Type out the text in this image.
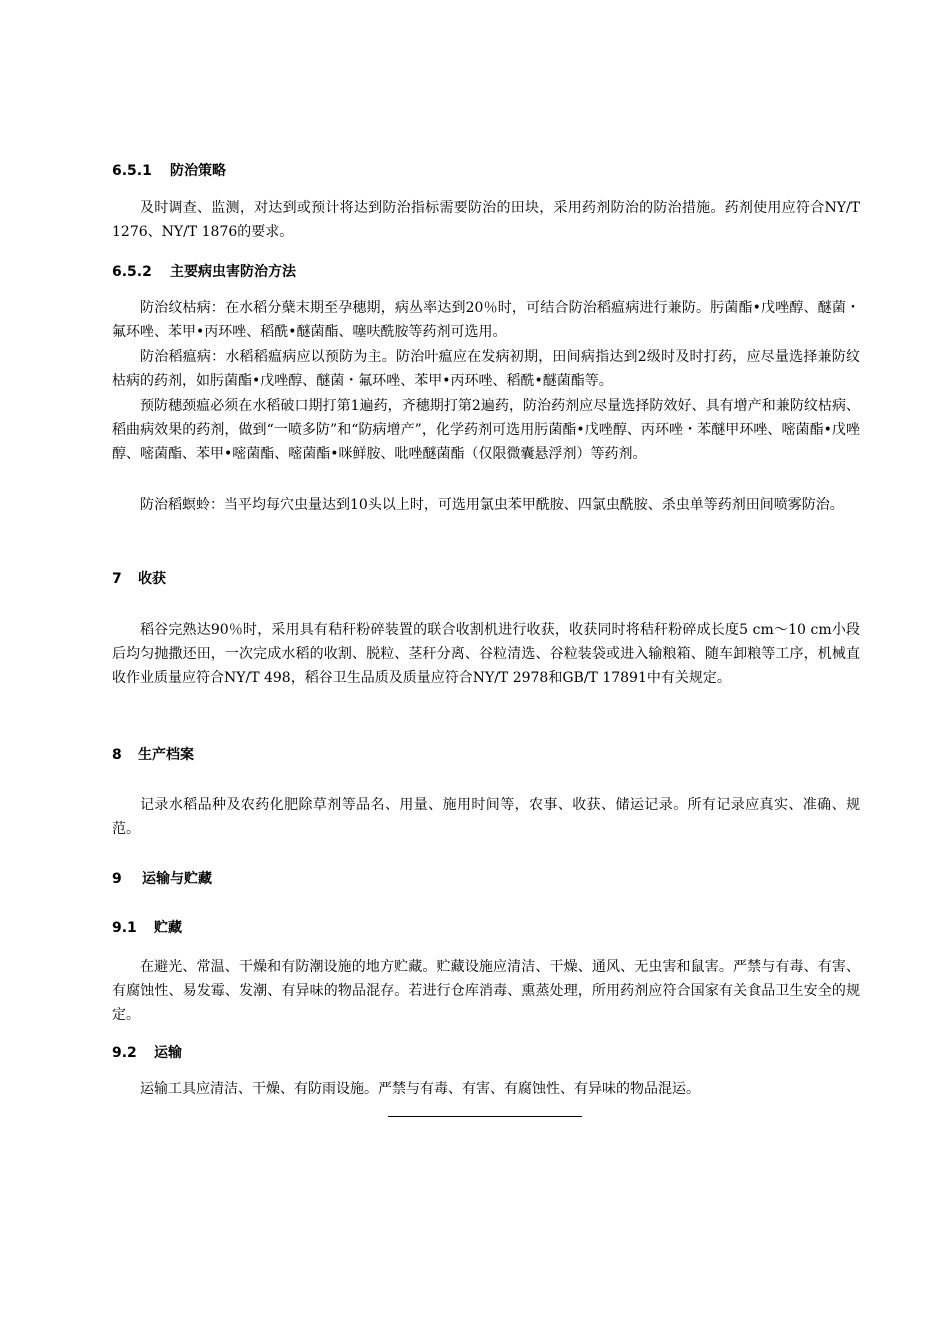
6.5.1 防治策略

及时调查、监测，对达到或预计将达到防治指标需要防治的田块，采用药剂防治的防治措施。药剂使用应符合NY/T 1276、NY/T 1876的要求。

6.5.2 主要病虫害防治方法

防治纹枯病：在水稻分蘖末期至孕穗期，病丛率达到20％时，可结合防治稻瘟病进行兼防。肟菌酯•戊唑醇、醚菌・氟环唑、苯甲•丙环唑、稻酰•醚菌酯、噻呋酰胺等药剂可选用。

防治稻瘟病：水稻稻瘟病应以预防为主。防治叶瘟应在发病初期，田间病指达到2级时及时打药，应尽量选择兼防纹枯病的药剂，如肟菌酯•戊唑醇、醚菌・氟环唑、苯甲•丙环唑、稻酰•醚菌酯等。

预防穗颈瘟必须在水稻破口期打第1遍药，齐穗期打第2遍药，防治药剂应尽量选择防效好、具有增产和兼防纹枯病、稻曲病效果的药剂，做到“一喷多防”和“防病增产”，化学药剂可选用肟菌酯•戊唑醇、丙环唑・苯醚甲环唑、嘧菌酯•戊唑醇、嘧菌酯、苯甲•嘧菌酯、嘧菌酯•咪鲜胺、吡唑醚菌酯（仅限微囊悬浮剂）等药剂。

防治稻螟蛉：当平均每穴虫量达到10头以上时，可选用氯虫苯甲酰胺、四氯虫酰胺、杀虫单等药剂田间喷雾防治。

7 收获

稻谷完熟达90％时，采用具有秸秆粉碎装置的联合收割机进行收获，收获同时将秸秆粉碎成长度5 cm～10 cm小段后均匀抛撒还田，一次完成水稻的收割、脱粒、茎秆分离、谷粒清选、谷粒装袋或进入输粮箱、随车卸粮等工序，机械直收作业质量应符合NY/T 498，稻谷卫生品质及质量应符合NY/T 2978和GB/T 17891中有关规定。

8 生产档案

记录水稻品种及农药化肥除草剂等品名、用量、施用时间等，农事、收获、储运记录。所有记录应真实、准确、规范。

9 运输与贮藏
9.1 贮藏

在避光、常温、干燥和有防潮设施的地方贮藏。贮藏设施应清洁、干燥、通风、无虫害和鼠害。严禁与有毒、有害、有腐蚀性、易发霉、发潮、有异味的物品混存。若进行仓库消毒、熏蒸处理，所用药剂应符合国家有关食品卫生安全的规定。

9.2 运输

运输工具应清洁、干燥、有防雨设施。严禁与有毒、有害、有腐蚀性、有异味的物品混运。
